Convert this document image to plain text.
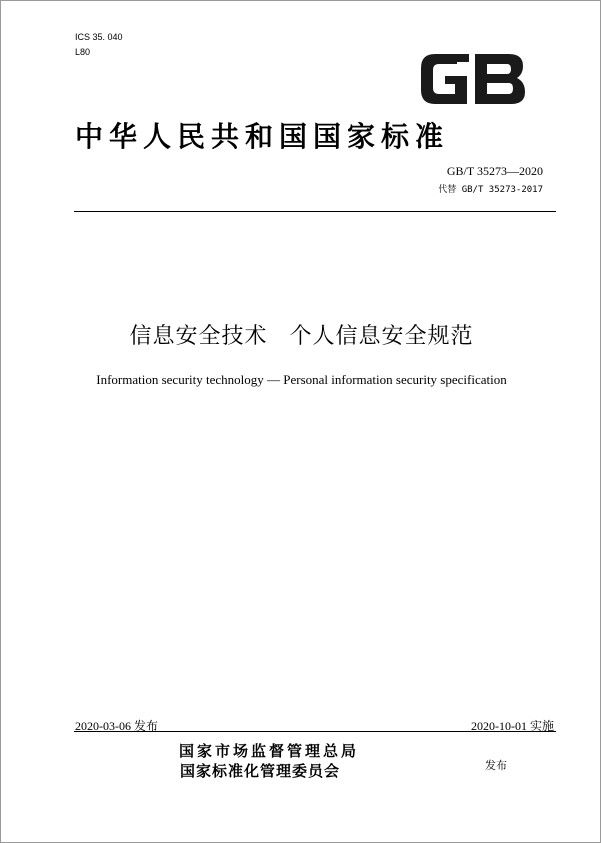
ICS 35. 040
L80
中华人民共和国国家标准
GB/T 35273—2020
代替 GB/T 35273-2017
信息安全技术 个人信息安全规范
Information security technology — Personal information security specification
2020-03-06 发布	2020-10-01 实施
国家市场监督管理总局
国家标准化管理委员会	发布
